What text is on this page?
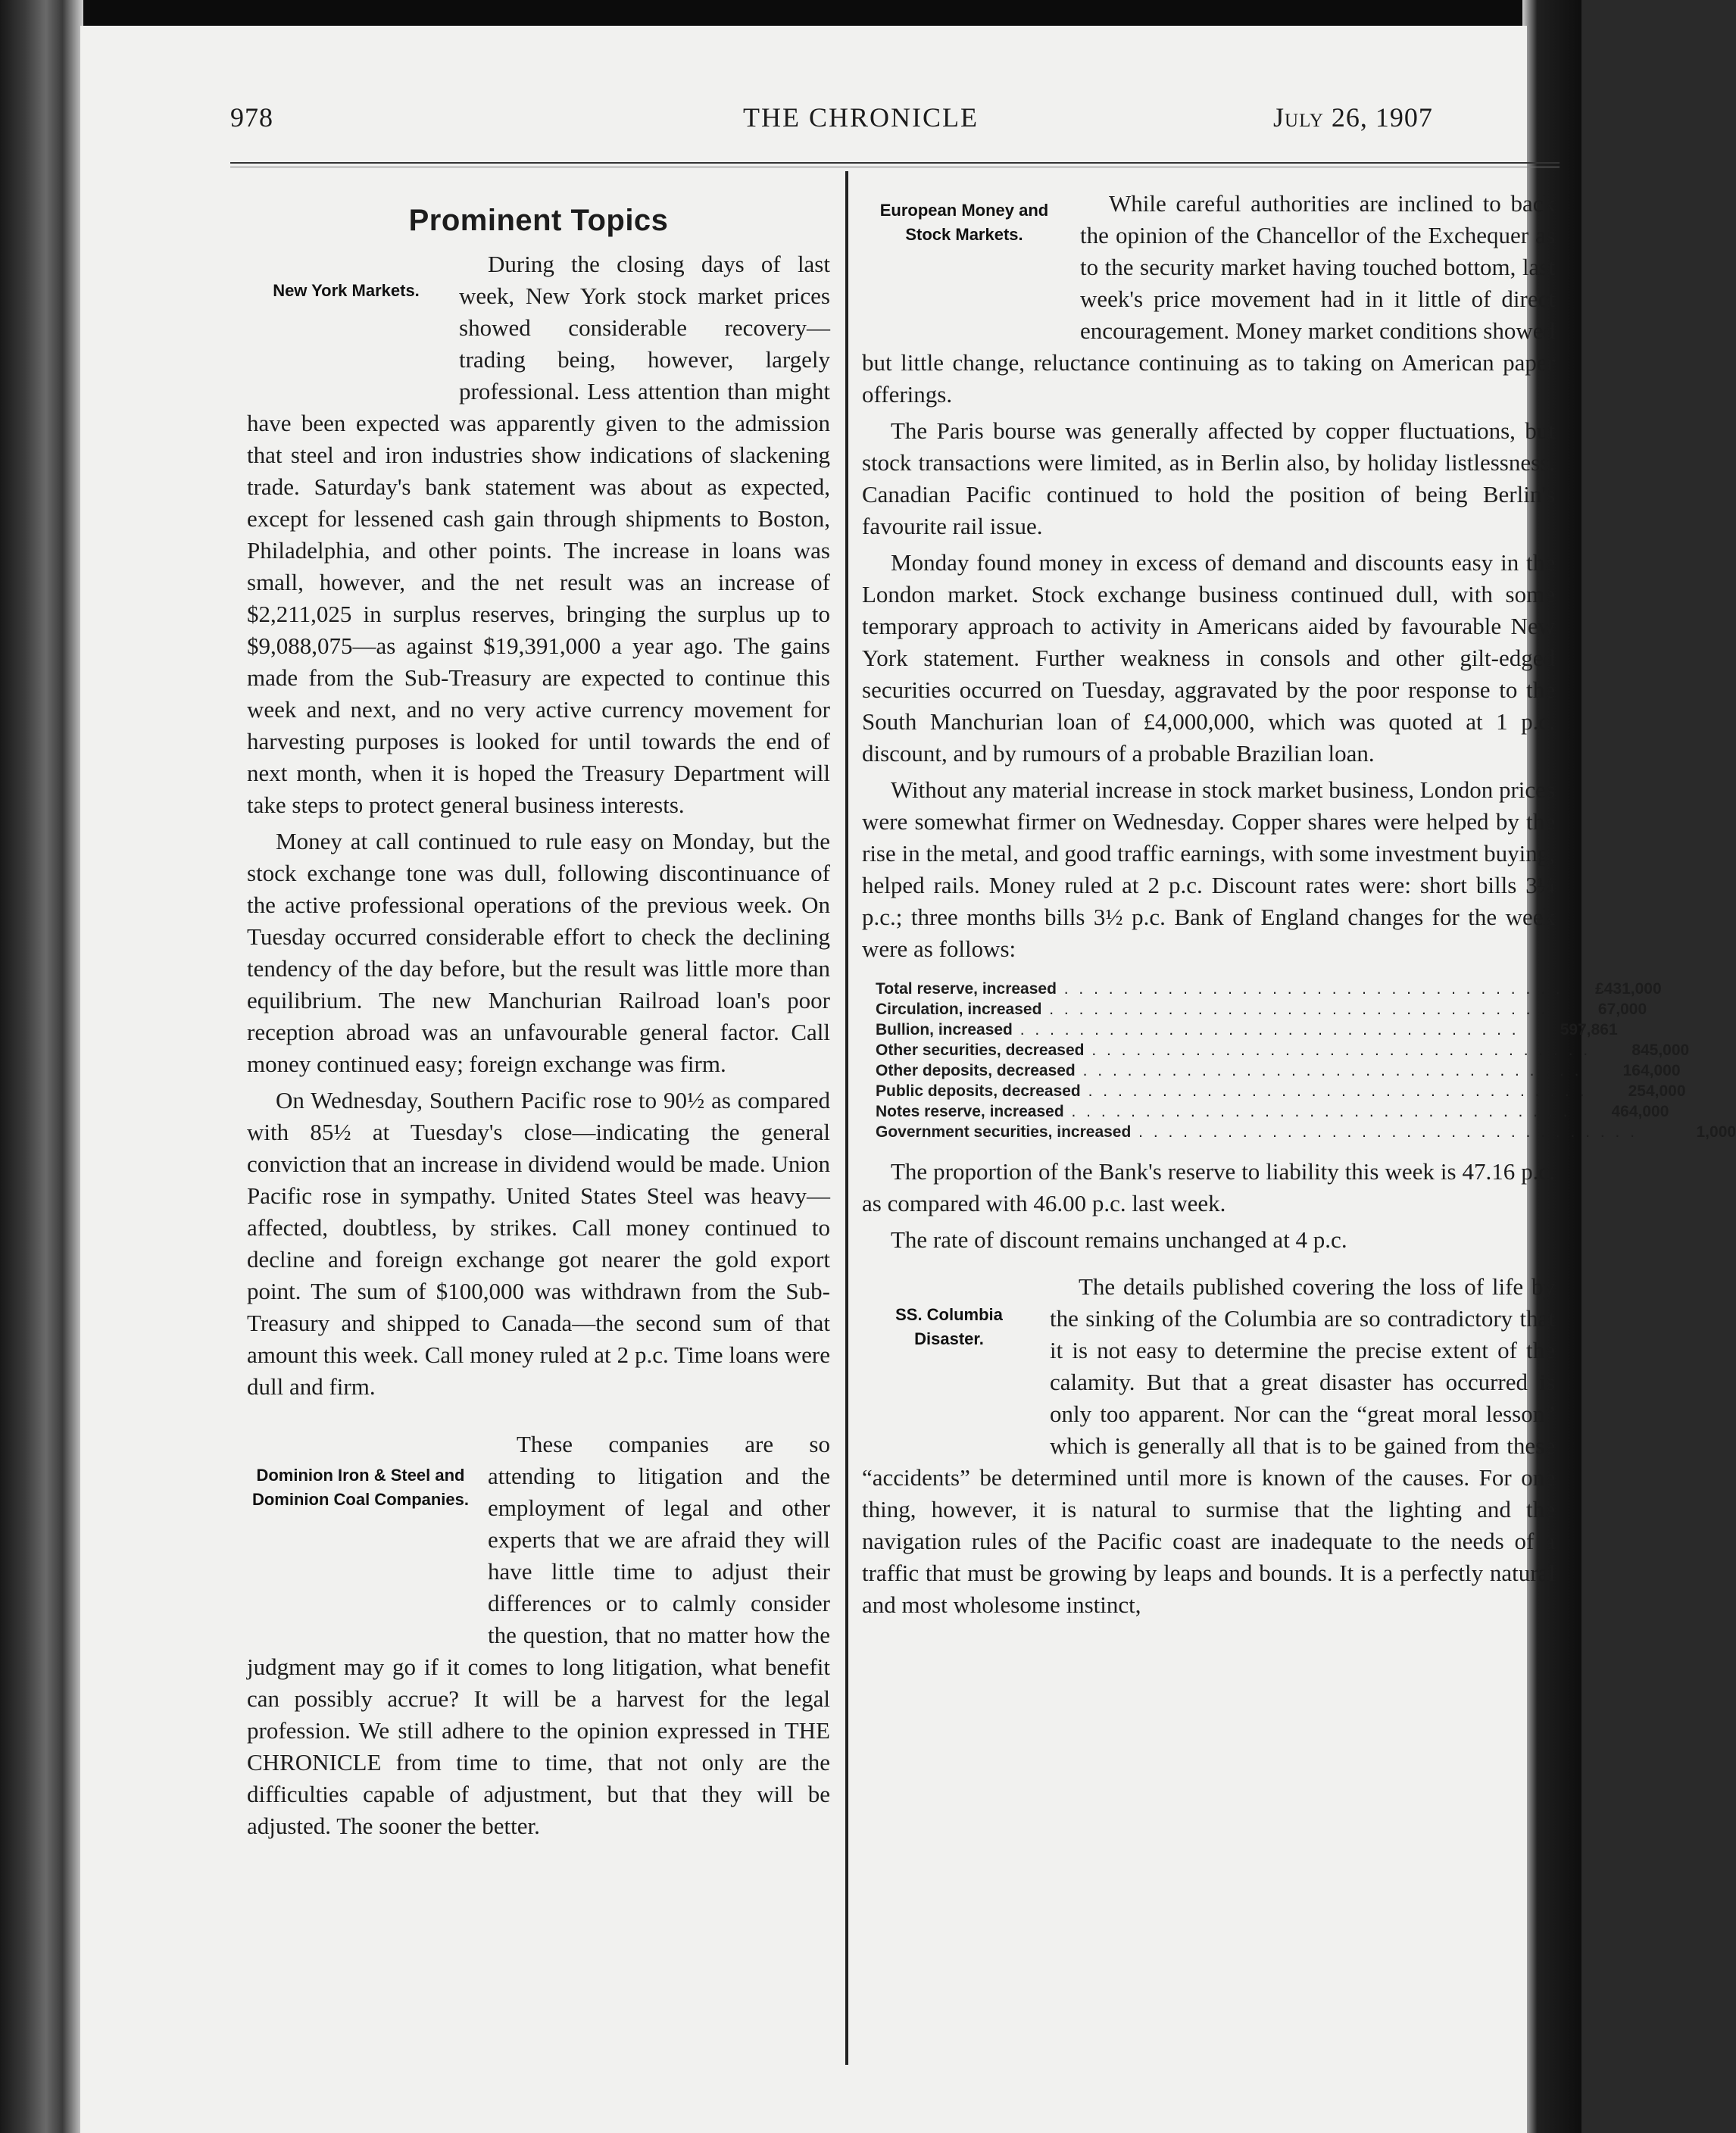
978	THE CHRONICLE	July 26, 1907
Prominent Topics
New York Markets.

During the closing days of last week, New York stock market prices showed considerable recovery—trading being, however, largely professional. Less attention than might have been expected was apparently given to the admission that steel and iron industries show indications of slackening trade. Saturday's bank statement was about as expected, except for lessened cash gain through shipments to Boston, Philadelphia, and other points. The increase in loans was small, however, and the net result was an increase of $2,211,025 in surplus reserves, bringing the surplus up to $9,088,075—as against $19,391,000 a year ago. The gains made from the Sub-Treasury are expected to continue this week and next, and no very active currency movement for harvesting purposes is looked for until towards the end of next month, when it is hoped the Treasury Department will take steps to protect general business interests.

Money at call continued to rule easy on Monday, but the stock exchange tone was dull, following discontinuance of the active professional operations of the previous week. On Tuesday occurred considerable effort to check the declining tendency of the day before, but the result was little more than equilibrium. The new Manchurian Railroad loan's poor reception abroad was an unfavourable general factor. Call money continued easy; foreign exchange was firm.

On Wednesday, Southern Pacific rose to 90½ as compared with 85½ at Tuesday's close—indicating the general conviction that an increase in dividend would be made. Union Pacific rose in sympathy. United States Steel was heavy—affected, doubtless, by strikes. Call money continued to decline and foreign exchange got nearer the gold export point. The sum of $100,000 was withdrawn from the Sub-Treasury and shipped to Canada—the second sum of that amount this week. Call money ruled at 2 p.c. Time loans were dull and firm.

Dominion Iron & Steel and Dominion Coal Companies.

These companies are so attending to litigation and the employment of legal and other experts that we are afraid they will have little time to adjust their differences or to calmly consider the question, that no matter how the judgment may go if it comes to long litigation, what benefit can possibly accrue? It will be a harvest for the legal profession. We still adhere to the opinion expressed in THE CHRONICLE from time to time, that not only are the difficulties capable of adjustment, but that they will be adjusted. The sooner the better.

European Money and Stock Markets.

While careful authorities are inclined to back the opinion of the Chancellor of the Exchequer as to the security market having touched bottom, last week's price movement had in it little of direct encouragement. Money market conditions showed but little change, reluctance continuing as to taking on American paper offerings.

The Paris bourse was generally affected by copper fluctuations, but stock transactions were limited, as in Berlin also, by holiday listlessness. Canadian Pacific continued to hold the position of being Berlin's favourite rail issue.

Monday found money in excess of demand and discounts easy in the London market. Stock exchange business continued dull, with some temporary approach to activity in Americans aided by favourable New York statement. Further weakness in consols and other gilt-edged securities occurred on Tuesday, aggravated by the poor response to the South Manchurian loan of £4,000,000, which was quoted at 1 p.c. discount, and by rumours of a probable Brazilian loan.

Without any material increase in stock market business, London prices were somewhat firmer on Wednesday. Copper shares were helped by the rise in the metal, and good traffic earnings, with some investment buying, helped rails. Money ruled at 2 p.c. Discount rates were: short bills 3¼ p.c.; three months bills 3½ p.c. Bank of England changes for the week were as follows:

Total reserve, increased . . .	£431,000
Circulation, increased . . .	67,000
Bullion, increased . . .	597,861
Other securities, decreased . . .	845,000
Other deposits, decreased . . .	164,000
Public deposits, decreased . . .	254,000
Notes reserve, increased . . .	464,000
Government securities, increased . . .	1,000

The proportion of the Bank's reserve to liability this week is 47.16 p.c. as compared with 46.00 p.c. last week.

The rate of discount remains unchanged at 4 p.c.

SS. Columbia Disaster.

The details published covering the loss of life by the sinking of the Columbia are so contradictory that it is not easy to determine the precise extent of the calamity. But that a great disaster has occurred is only too apparent. Nor can the “great moral lesson” which is generally all that is to be gained from these “accidents” be determined until more is known of the causes. For one thing, however, it is natural to surmise that the lighting and the navigation rules of the Pacific coast are inadequate to the needs of a traffic that must be growing by leaps and bounds. It is a perfectly natural and most wholesome instinct,
